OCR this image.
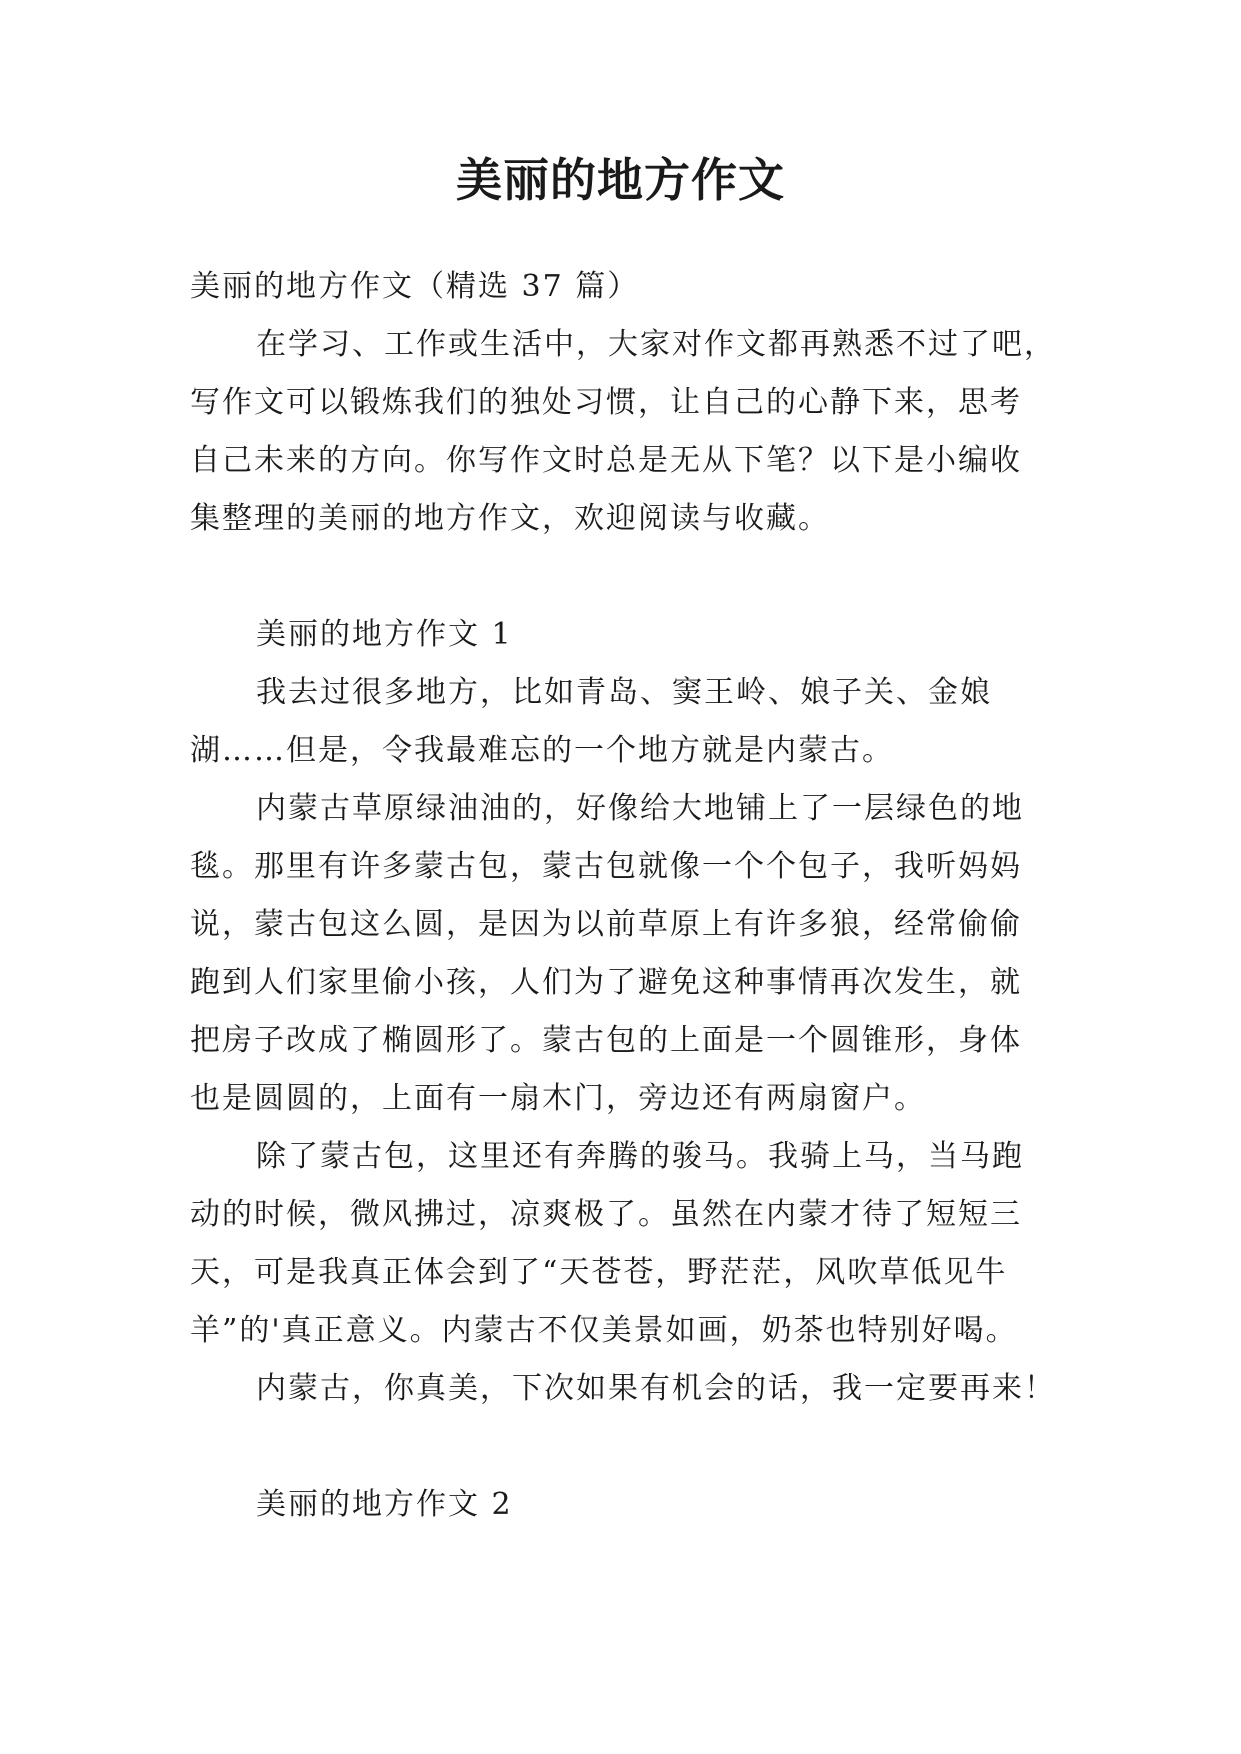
美丽的地方作文
美丽的地方作文（精选 37 篇）
在学习、工作或生活中，大家对作文都再熟悉不过了吧，
写作文可以锻炼我们的独处习惯，让自己的心静下来，思考
自己未来的方向。你写作文时总是无从下笔？以下是小编收
集整理的美丽的地方作文，欢迎阅读与收藏。
美丽的地方作文 1
我去过很多地方，比如青岛、窦王岭、娘子关、金娘
湖……但是，令我最难忘的一个地方就是内蒙古。
内蒙古草原绿油油的，好像给大地铺上了一层绿色的地
毯。那里有许多蒙古包，蒙古包就像一个个包子，我听妈妈
说，蒙古包这么圆，是因为以前草原上有许多狼，经常偷偷
跑到人们家里偷小孩，人们为了避免这种事情再次发生，就
把房子改成了椭圆形了。蒙古包的上面是一个圆锥形，身体
也是圆圆的，上面有一扇木门，旁边还有两扇窗户。
除了蒙古包，这里还有奔腾的骏马。我骑上马，当马跑
动的时候，微风拂过，凉爽极了。虽然在内蒙才待了短短三
天，可是我真正体会到了“天苍苍，野茫茫，风吹草低见牛
羊”的'真正意义。内蒙古不仅美景如画，奶茶也特别好喝。
内蒙古，你真美，下次如果有机会的话，我一定要再来！
美丽的地方作文 2
